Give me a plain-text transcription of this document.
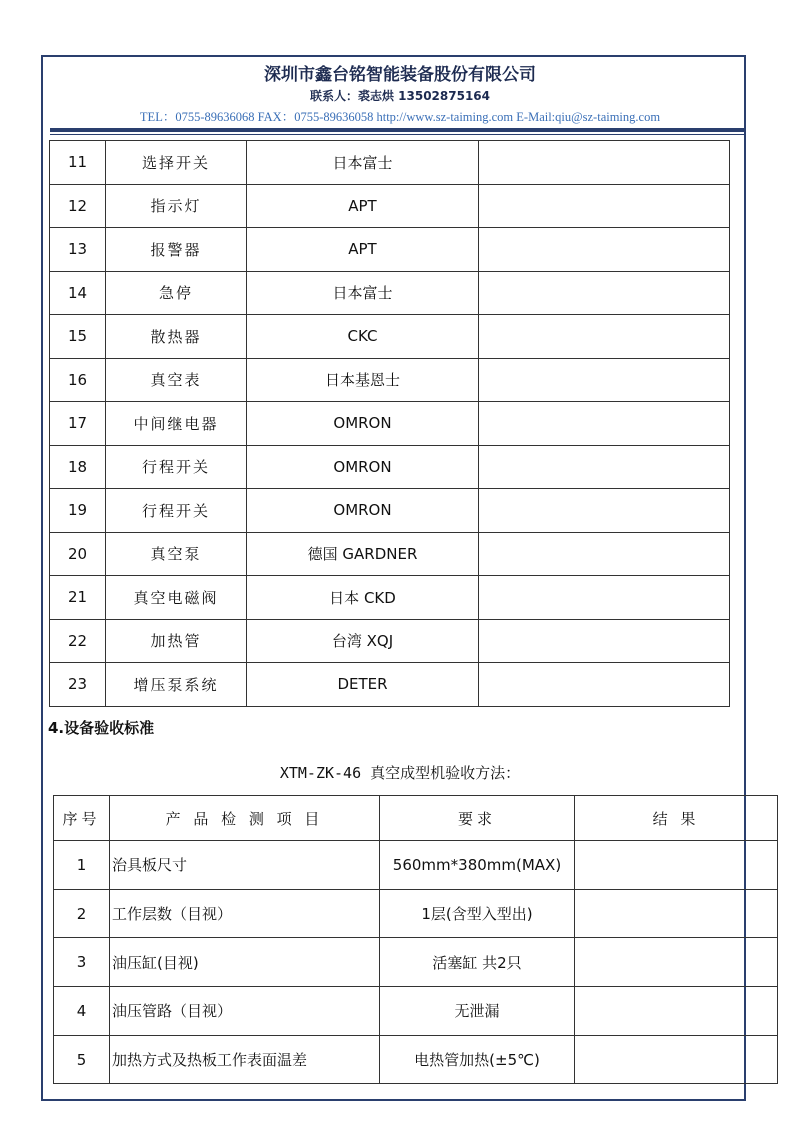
深圳市鑫台铭智能装备股份有限公司
联系人：裘志烘 13502875164
TEL：0755-89636068 FAX：0755-89636058 http://www.sz-taiming.com E-Mail:qiu@sz-taiming.com
11	选择开关	日本富士	
12	指示灯	APT	
13	报警器	APT	
14	急停	日本富士	
15	散热器	CKC	
16	真空表	日本基恩士	
17	中间继电器	OMRON	
18	行程开关	OMRON	
19	行程开关	OMRON	
20	真空泵	德国 GARDNER	
21	真空电磁阀	日本 CKD	
22	加热管	台湾 XQJ	
23	增压泵系统	DETER	
4.设备验收标准
XTM-ZK-46 真空成型机验收方法：
序号	产 品 检 测 项 目	要求	结 果
1	治具板尺寸	560mm*380mm(MAX)	
2	工作层数（目视）	1层(含型入型出)	
3	油压缸(目视)	活塞缸 共2只	
4	油压管路（目视）	无泄漏	
5	加热方式及热板工作表面温差	电热管加热(±5℃)	
